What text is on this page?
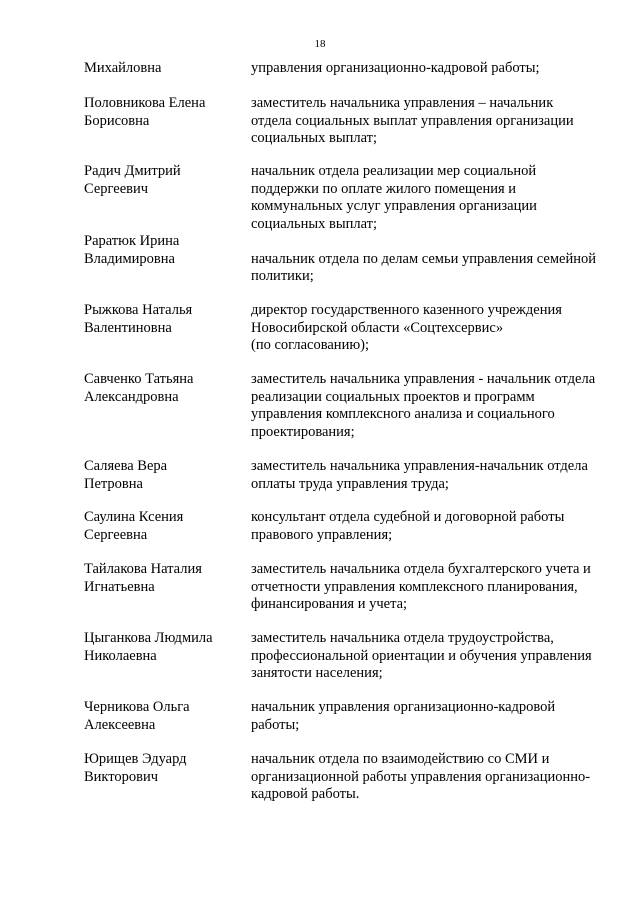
18

Михайловна	управления организационно-кадровой работы;

Половникова Елена
Борисовна

заместитель начальника управления – начальник
отдела социальных выплат управления организации
социальных выплат;

Радич Дмитрий
Сергеевич

начальник отдела реализации мер социальной
поддержки по оплате жилого помещения и
коммунальных услуг управления организации
социальных выплат;

Раратюк Ирина
Владимировна	начальник отдела по делам семьи управления семейной
политики;

Рыжкова Наталья
Валентиновна

директор государственного казенного учреждения
Новосибирской области «Соцтехсервис»
(по согласованию);

Савченко Татьяна
Александровна

заместитель начальника управления - начальник отдела
реализации социальных проектов и программ
управления комплексного анализа и социального
проектирования;

Саляева Вера
Петровна

заместитель начальника управления-начальник отдела
оплаты труда управления труда;

Саулина Ксения
Сергеевна

консультант отдела судебной и договорной работы
правового управления;

Тайлакова Наталия
Игнатьевна

заместитель начальника отдела бухгалтерского учета и
отчетности управления комплексного планирования,
финансирования и учета;

Цыганкова Людмила
Николаевна

заместитель начальника отдела трудоустройства,
профессиональной ориентации и обучения управления
занятости населения;

Черникова Ольга
Алексеевна

начальник управления организационно-кадровой
работы;

Юрищев Эдуард
Викторович

начальник отдела по взаимодействию со СМИ и
организационной работы управления организационно-
кадровой работы.
